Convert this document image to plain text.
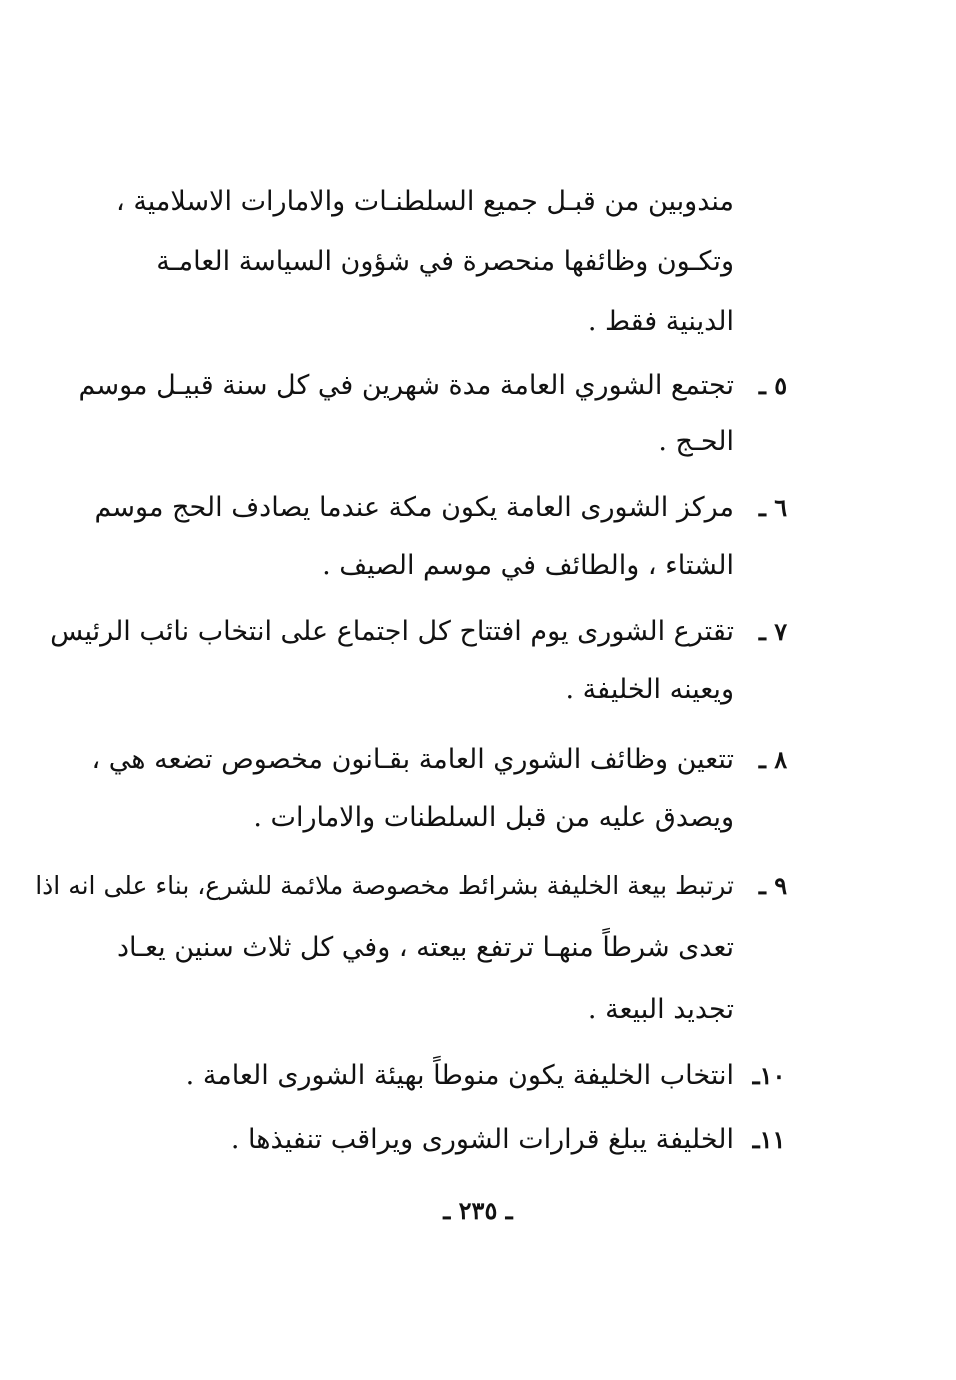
مندوبين من قبـل جميع السلطنـات والامارات الاسلامية ،
وتكـون وظائفها منحصرة في شؤون السياسة العامـة
الدينية فقط .
٥ ـ
تجتمع الشوري العامة مدة شهرين في كل سنة قبيـل موسم
الحـج .
٦ ـ
مركز الشورى العامة يكون مكة عندما يصادف الحج موسم
الشتاء ، والطائف في موسم الصيف .
٧ ـ
تقترع الشورى يوم افتتاح كل اجتماع على انتخاب نائب الرئيس
ويعينه الخليفة .
٨ ـ
تتعين وظائف الشوري العامة بقـانون مخصوص تضعه هي ،
ويصدق عليه من قبل السلطنات والامارات .
٩ ـ
ترتبط بيعة الخليفة بشرائط مخصوصة ملائمة للشرع، بناء على انه اذا
تعدى شرطاً منهـا ترتفع بيعته ، وفي كل ثلاث سنين يعـاد
تجديد البيعة .
١٠ـ
انتخاب الخليفة يكون منوطاً بهيئة الشورى العامة .
١١ـ
الخليفة يبلغ قرارات الشورى ويراقب تنفيذها .
ـ ٢٣٥ ـ
